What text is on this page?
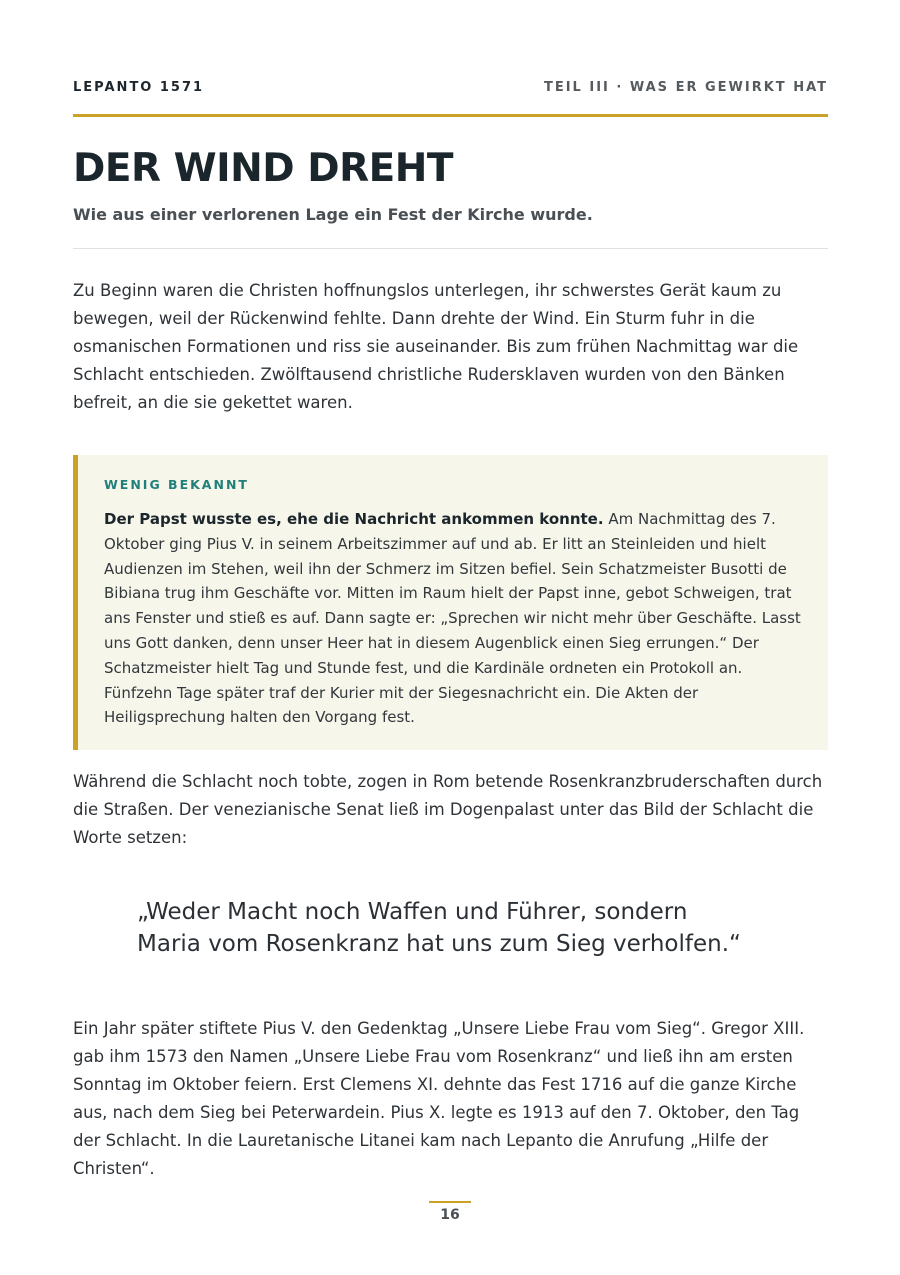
LEPANTO 1571	TEIL III · WAS ER GEWIRKT HAT
DER WIND DREHT
Wie aus einer verlorenen Lage ein Fest der Kirche wurde.

Zu Beginn waren die Christen hoffnungslos unterlegen, ihr schwerstes Gerät kaum zu bewegen, weil der Rückenwind fehlte. Dann drehte der Wind. Ein Sturm fuhr in die osmanischen Formationen und riss sie auseinander. Bis zum frühen Nachmittag war die Schlacht entschieden. Zwölftausend christliche Rudersklaven wurden von den Bänken befreit, an die sie gekettet waren.

WENIG BEKANNT

Der Papst wusste es, ehe die Nachricht ankommen konnte. Am Nachmittag des 7. Oktober ging Pius V. in seinem Arbeitszimmer auf und ab. Er litt an Steinleiden und hielt Audienzen im Stehen, weil ihn der Schmerz im Sitzen befiel. Sein Schatzmeister Busotti de Bibiana trug ihm Geschäfte vor. Mitten im Raum hielt der Papst inne, gebot Schweigen, trat ans Fenster und stieß es auf. Dann sagte er: „Sprechen wir nicht mehr über Geschäfte. Lasst uns Gott danken, denn unser Heer hat in diesem Augenblick einen Sieg errungen.“ Der Schatzmeister hielt Tag und Stunde fest, und die Kardinäle ordneten ein Protokoll an. Fünfzehn Tage später traf der Kurier mit der Siegesnachricht ein. Die Akten der Heiligsprechung halten den Vorgang fest.

Während die Schlacht noch tobte, zogen in Rom betende Rosenkranzbruderschaften durch die Straßen. Der venezianische Senat ließ im Dogenpalast unter das Bild der Schlacht die Worte setzen:

„Weder Macht noch Waffen und Führer, sondern Maria vom Rosenkranz hat uns zum Sieg verholfen.“

Ein Jahr später stiftete Pius V. den Gedenktag „Unsere Liebe Frau vom Sieg“. Gregor XIII. gab ihm 1573 den Namen „Unsere Liebe Frau vom Rosenkranz“ und ließ ihn am ersten Sonntag im Oktober feiern. Erst Clemens XI. dehnte das Fest 1716 auf die ganze Kirche aus, nach dem Sieg bei Peterwardein. Pius X. legte es 1913 auf den 7. Oktober, den Tag der Schlacht. In die Lauretanische Litanei kam nach Lepanto die Anrufung „Hilfe der Christen“.

16
